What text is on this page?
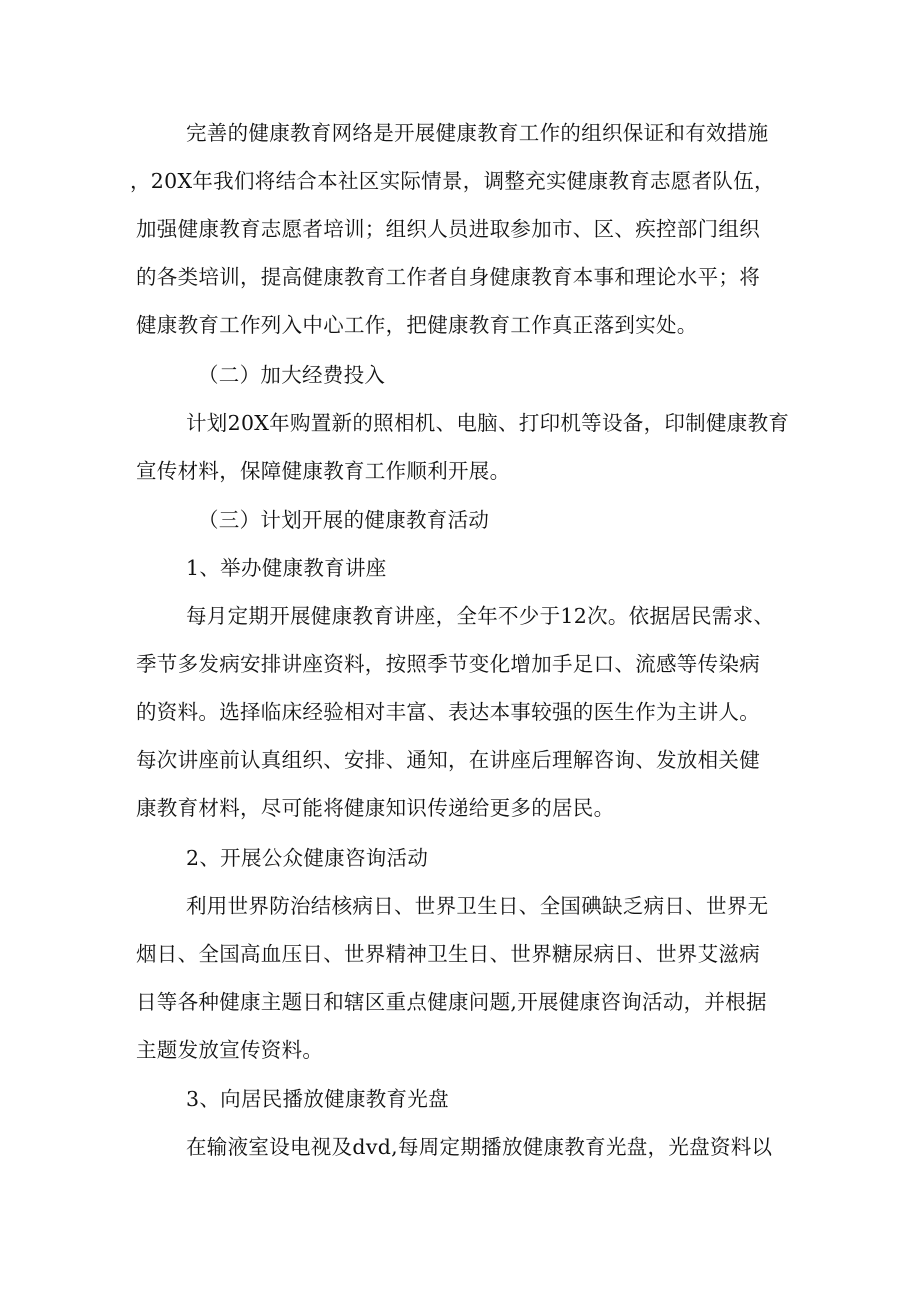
完善的健康教育网络是开展健康教育工作的组织保证和有效措施
，20X年我们将结合本社区实际情景，调整充实健康教育志愿者队伍，
加强健康教育志愿者培训；组织人员进取参加市、区、疾控部门组织
的各类培训，提高健康教育工作者自身健康教育本事和理论水平；将
健康教育工作列入中心工作，把健康教育工作真正落到实处。
（二）加大经费投入
计划20X年购置新的照相机、电脑、打印机等设备，印制健康教育
宣传材料，保障健康教育工作顺利开展。
（三）计划开展的健康教育活动
1、举办健康教育讲座
每月定期开展健康教育讲座，全年不少于12次。依据居民需求、
季节多发病安排讲座资料，按照季节变化增加手足口、流感等传染病
的资料。选择临床经验相对丰富、表达本事较强的医生作为主讲人。
每次讲座前认真组织、安排、通知，在讲座后理解咨询、发放相关健
康教育材料，尽可能将健康知识传递给更多的居民。
2、开展公众健康咨询活动
利用世界防治结核病日、世界卫生日、全国碘缺乏病日、世界无
烟日、全国高血压日、世界精神卫生日、世界糖尿病日、世界艾滋病
日等各种健康主题日和辖区重点健康问题,开展健康咨询活动，并根据
主题发放宣传资料。
3、向居民播放健康教育光盘
在输液室设电视及dvd,每周定期播放健康教育光盘，光盘资料以
